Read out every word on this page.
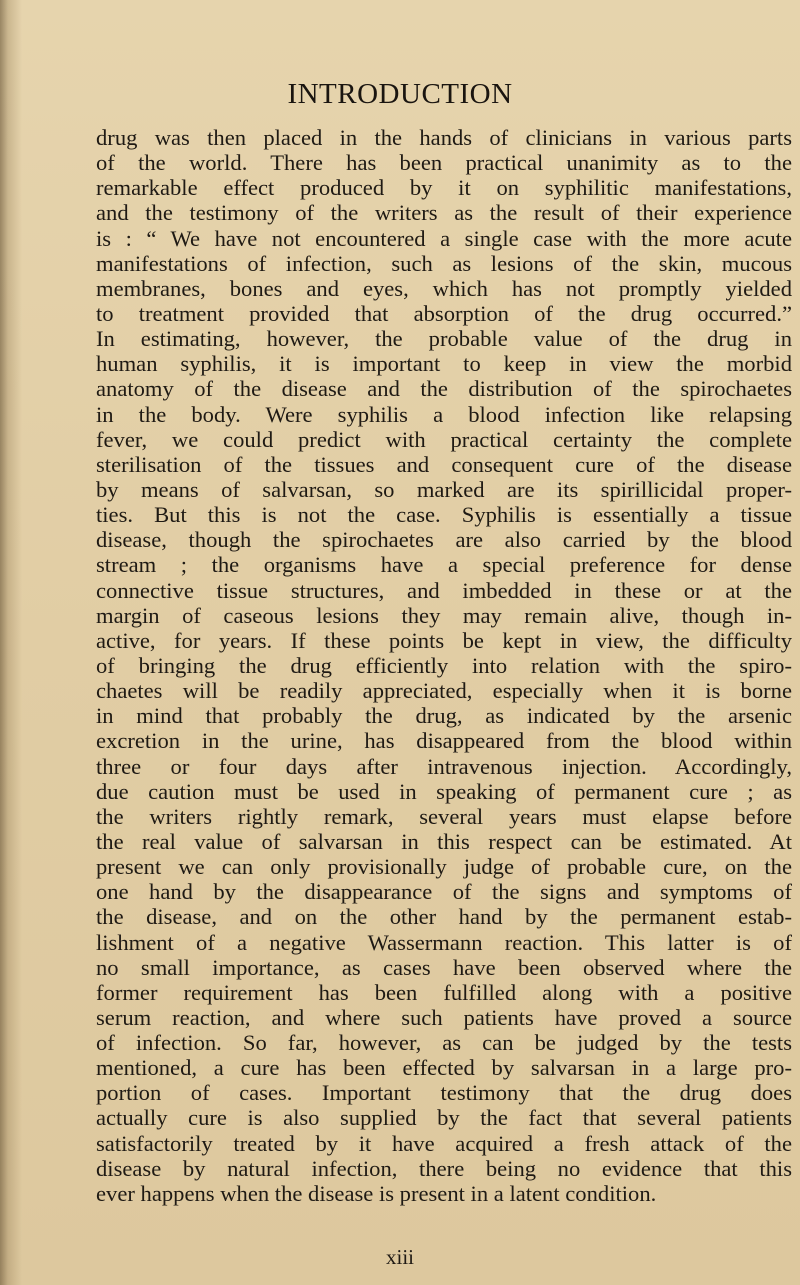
INTRODUCTION
drug was then placed in the hands of clinicians in various parts
of the world. There has been practical unanimity as to the
remarkable effect produced by it on syphilitic manifestations,
and the testimony of the writers as the result of their experience
is : “ We have not encountered a single case with the more acute
manifestations of infection, such as lesions of the skin, mucous
membranes, bones and eyes, which has not promptly yielded
to treatment provided that absorption of the drug occurred.”
In estimating, however, the probable value of the drug in
human syphilis, it is important to keep in view the morbid
anatomy of the disease and the distribution of the spirochaetes
in the body. Were syphilis a blood infection like relapsing
fever, we could predict with practical certainty the complete
sterilisation of the tissues and consequent cure of the disease
by means of salvarsan, so marked are its spirillicidal proper-
ties. But this is not the case. Syphilis is essentially a tissue
disease, though the spirochaetes are also carried by the blood
stream ; the organisms have a special preference for dense
connective tissue structures, and imbedded in these or at the
margin of caseous lesions they may remain alive, though in-
active, for years. If these points be kept in view, the difficulty
of bringing the drug efficiently into relation with the spiro-
chaetes will be readily appreciated, especially when it is borne
in mind that probably the drug, as indicated by the arsenic
excretion in the urine, has disappeared from the blood within
three or four days after intravenous injection. Accordingly,
due caution must be used in speaking of permanent cure ; as
the writers rightly remark, several years must elapse before
the real value of salvarsan in this respect can be estimated. At
present we can only provisionally judge of probable cure, on the
one hand by the disappearance of the signs and symptoms of
the disease, and on the other hand by the permanent estab-
lishment of a negative Wassermann reaction. This latter is of
no small importance, as cases have been observed where the
former requirement has been fulfilled along with a positive
serum reaction, and where such patients have proved a source
of infection. So far, however, as can be judged by the tests
mentioned, a cure has been effected by salvarsan in a large pro-
portion of cases. Important testimony that the drug does
actually cure is also supplied by the fact that several patients
satisfactorily treated by it have acquired a fresh attack of the
disease by natural infection, there being no evidence that this
ever happens when the disease is present in a latent condition.
xiii
